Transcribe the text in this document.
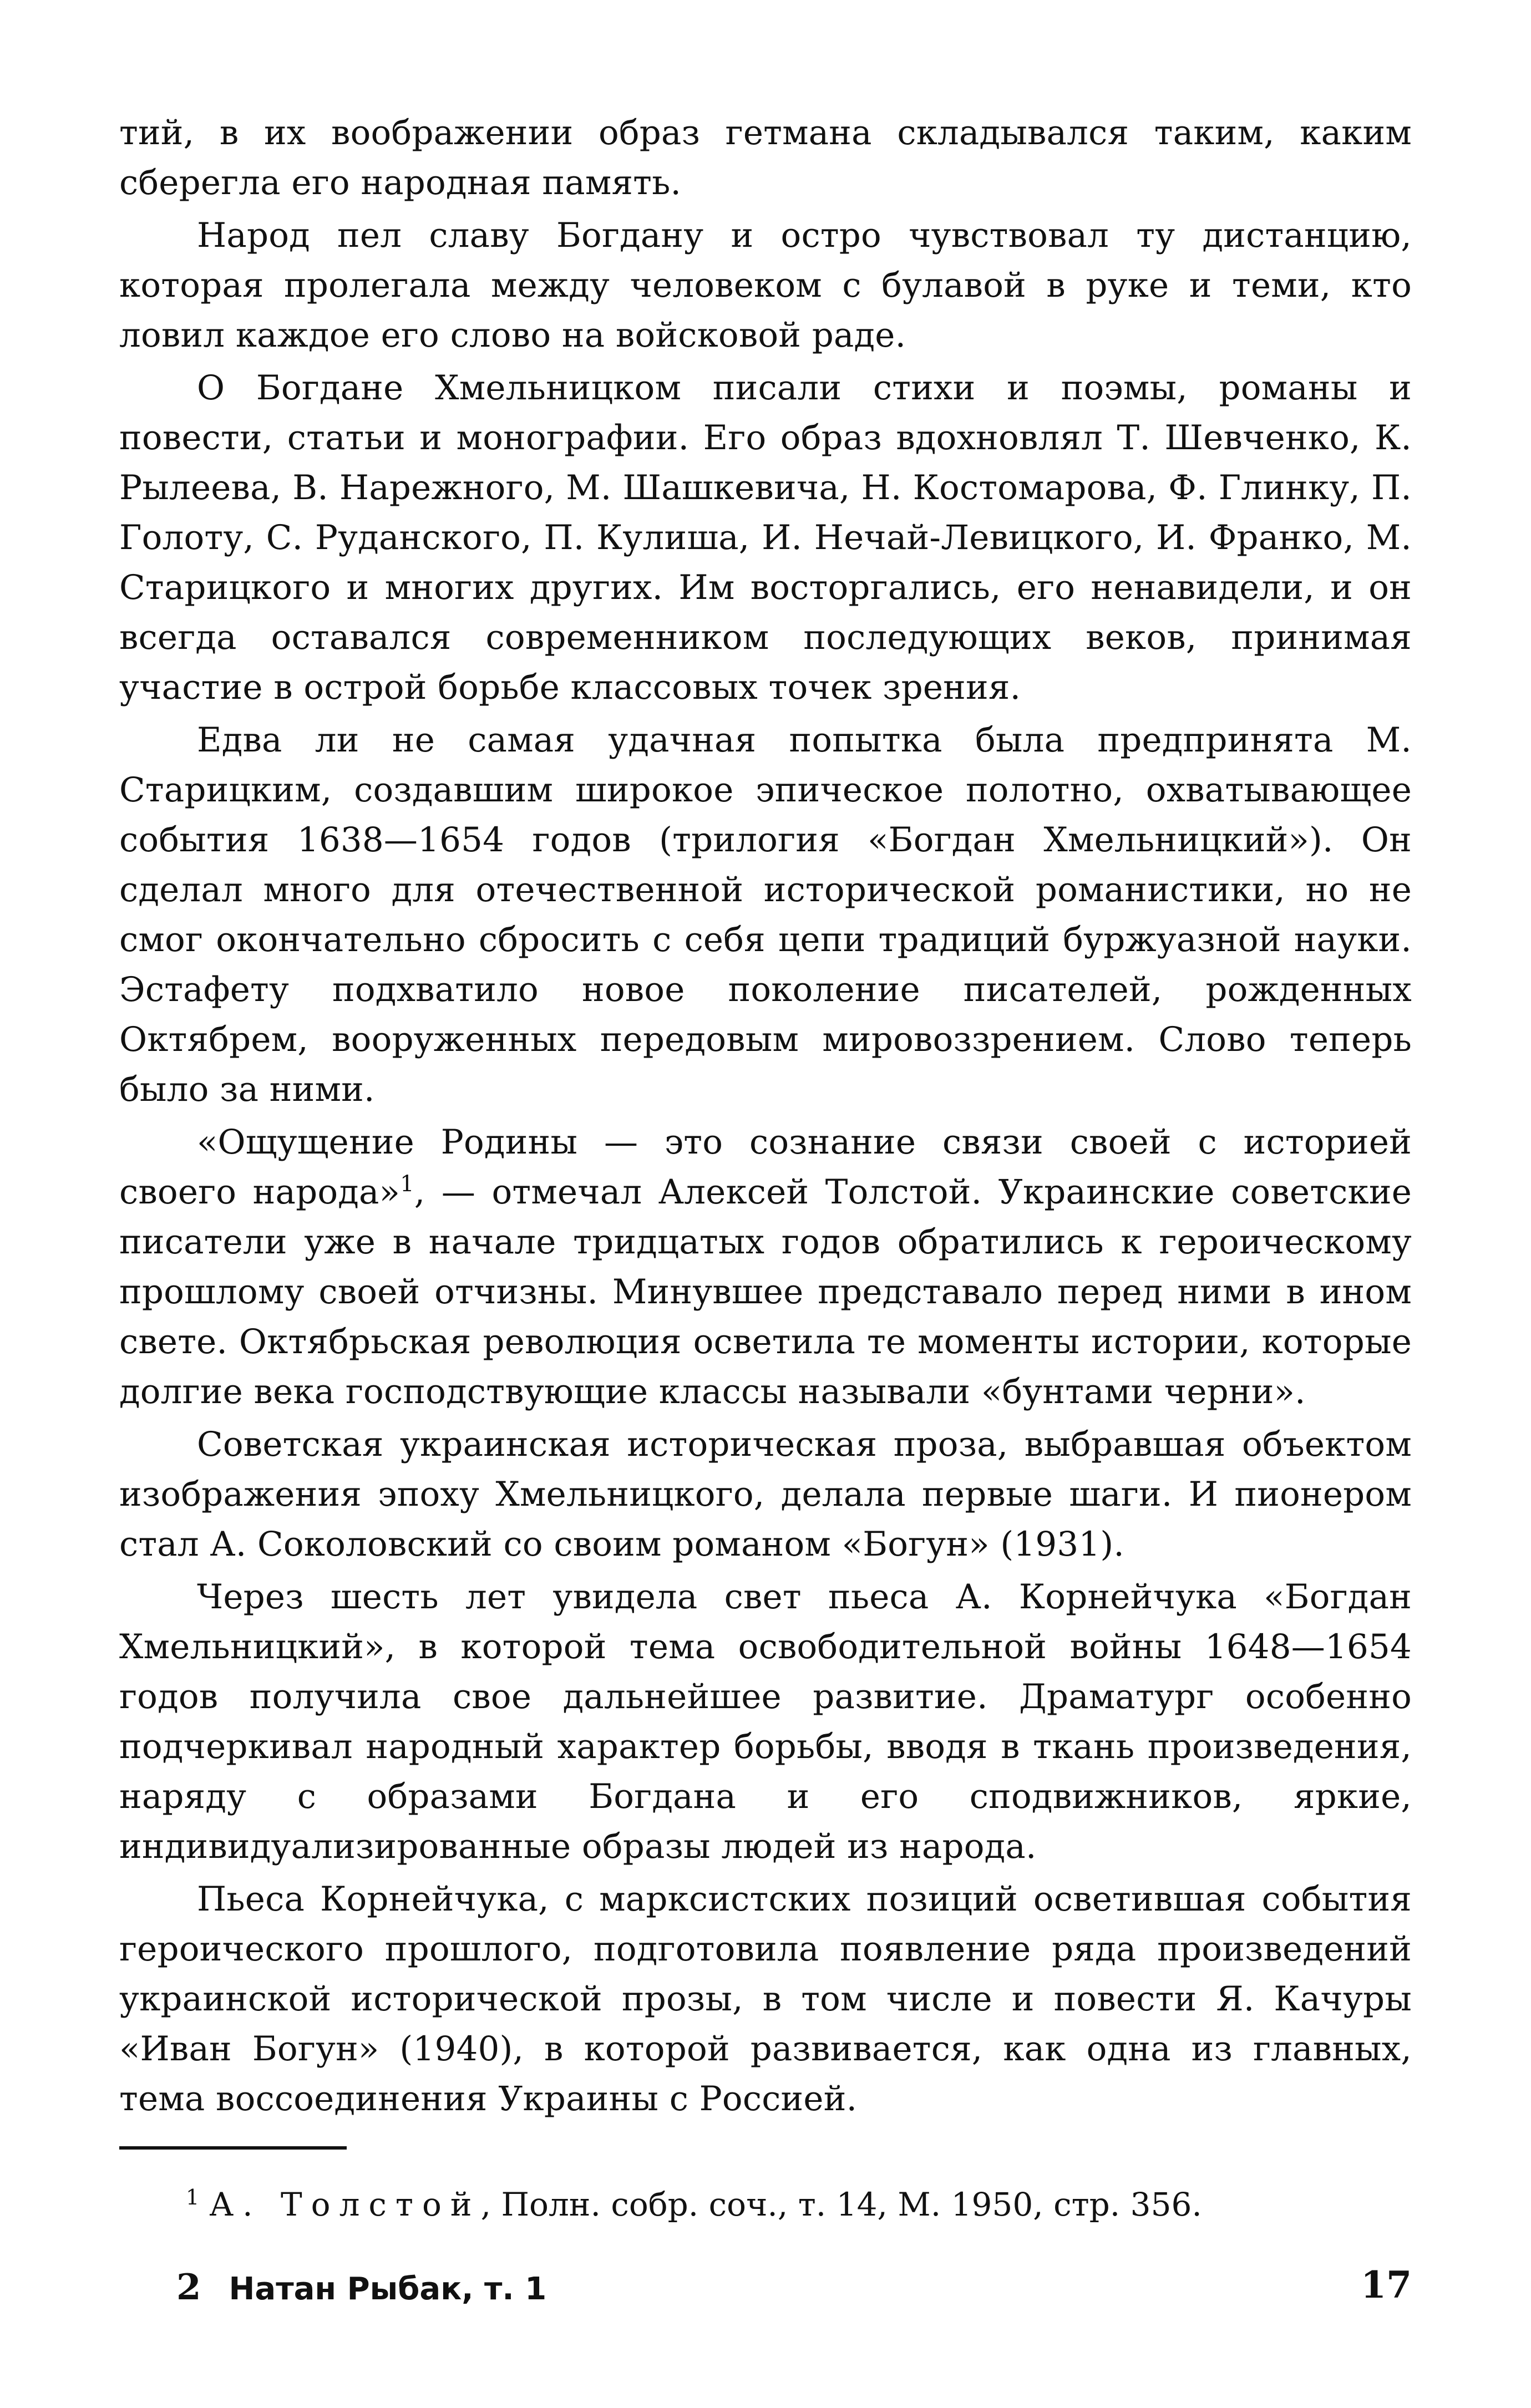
тий, в их воображении образ гетмана складывался таким, каким сберегла его народная память.

Народ пел славу Богдану и остро чувствовал ту дистанцию, которая пролегала между человеком с булавой в руке и теми, кто ловил каждое его слово на войсковой раде.

О Богдане Хмельницком писали стихи и поэмы, романы и повести, статьи и монографии. Его образ вдохновлял Т. Шевченко, К. Рылеева, В. Нарежного, М. Шашкевича, Н. Костомарова, Ф. Глинку, П. Голоту, С. Руданского, П. Кулиша, И. Нечай-Левицкого, И. Франко, М. Старицкого и многих других. Им восторгались, его ненавидели, и он всегда оставался современником последующих веков, принимая участие в острой борьбе классовых точек зрения.

Едва ли не самая удачная попытка была предпринята М. Старицким, создавшим широкое эпическое полотно, охватывающее события 1638—1654 годов (трилогия «Богдан Хмельницкий»). Он сделал много для отечественной исторической романистики, но не смог окончательно сбросить с себя цепи традиций буржуазной науки. Эстафету подхватило новое поколение писателей, рожденных Октябрем, вооруженных передовым мировоззрением. Слово теперь было за ними.

«Ощущение Родины — это сознание связи своей с историей своего народа»$^1$, — отмечал Алексей Толстой. Украинские советские писатели уже в начале тридцатых годов обратились к героическому прошлому своей отчизны. Минувшее представало перед ними в ином свете. Октябрьская революция осветила те моменты истории, которые долгие века господствующие классы называли «бунтами черни».

Советская украинская историческая проза, выбравшая объектом изображения эпоху Хмельницкого, делала первые шаги. И пионером стал А. Соколовский со своим романом «Богун» (1931).

Через шесть лет увидела свет пьеса А. Корнейчука «Богдан Хмельницкий», в которой тема освободительной войны 1648—1654 годов получила свое дальнейшее развитие. Драматург особенно подчеркивал народный характер борьбы, вводя в ткань произведения, наряду с образами Богдана и его сподвижников, яркие, индивидуализированные образы людей из народа.

Пьеса Корнейчука, с марксистских позиций осветившая события героического прошлого, подготовила появление ряда произведений украинской исторической прозы, в том числе и повести Я. Качуры «Иван Богун» (1940), в которой развивается, как одна из главных, тема воссоединения Украины с Россией.

$^1$ А. Толстой, Полн. собр. соч., т. 14, М. 1950, стр. 356.
2 Натан Рыбак, т. 1	17
